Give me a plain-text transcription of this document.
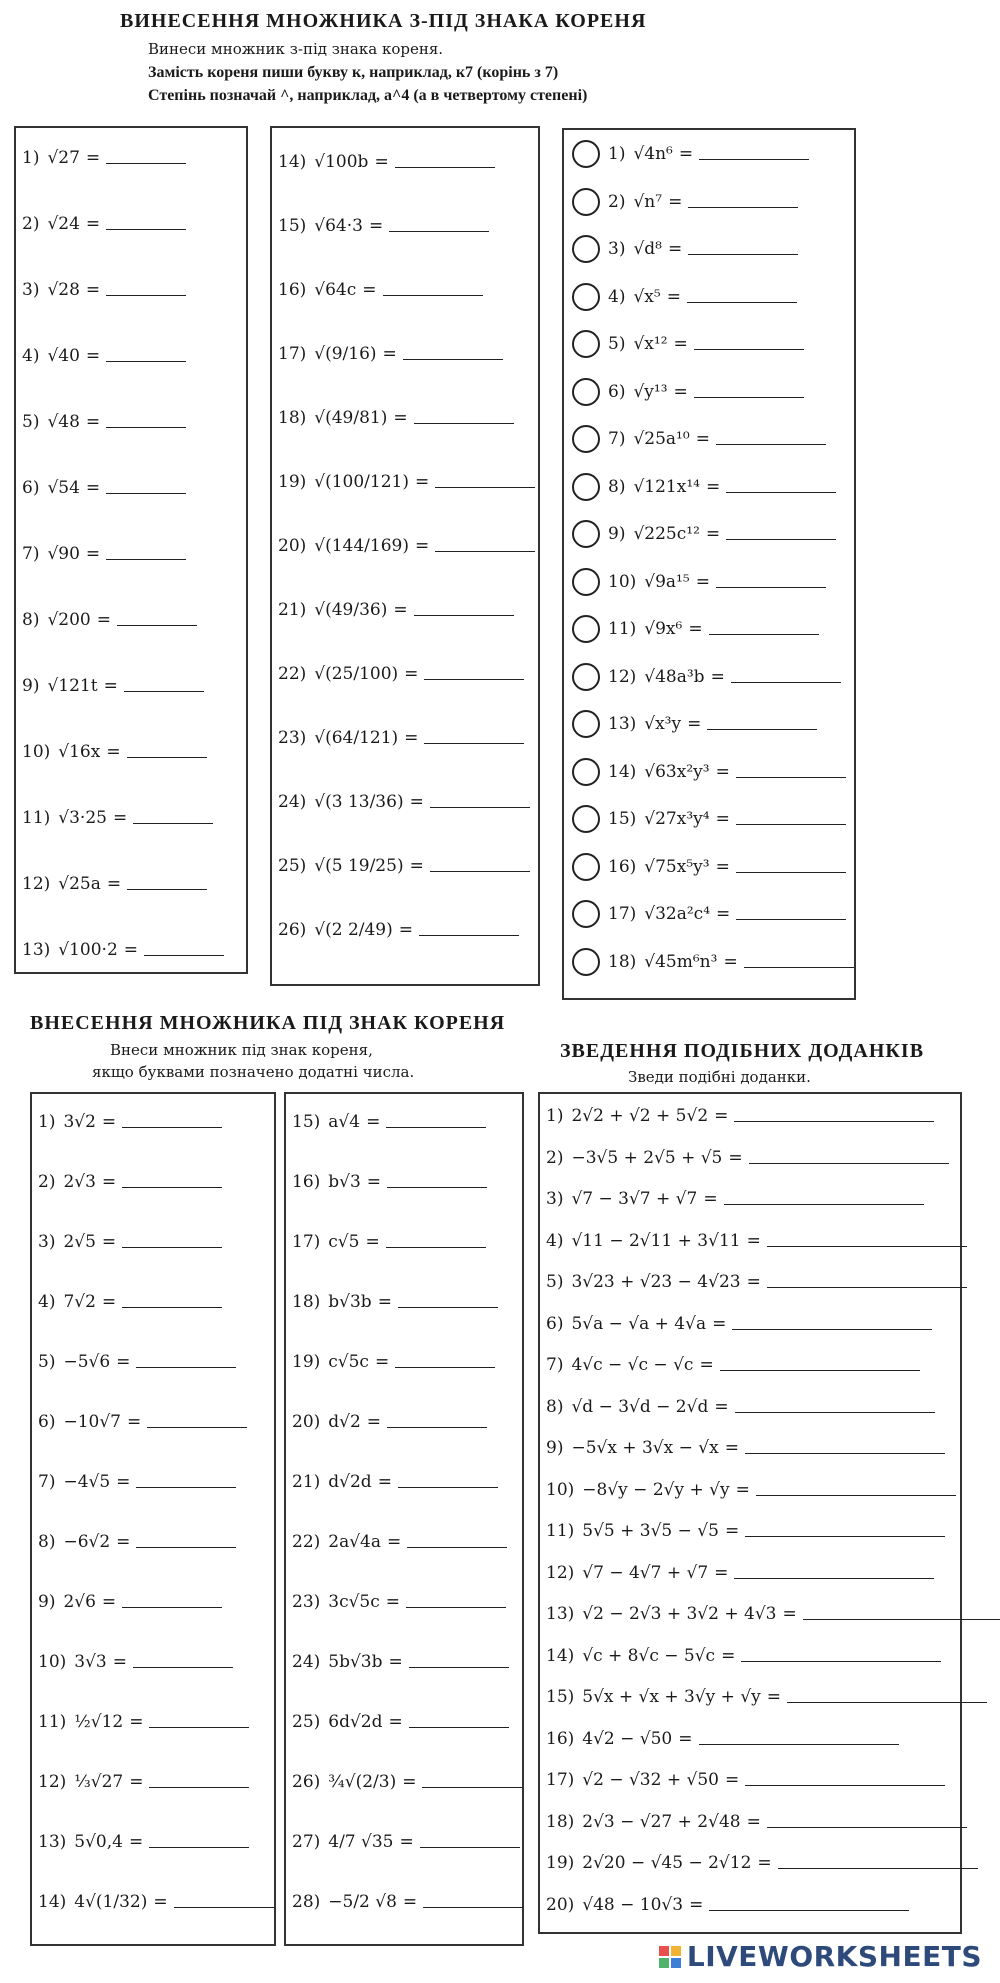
ВИНЕСЕННЯ МНОЖНИКА З-ПІД ЗНАКА КОРЕНЯ
Винеси множник з-під знака кореня.
Замість кореня пиши букву к, наприклад, к7 (корінь з 7)
Степінь позначай ^, наприклад, а^4 (а в четвертому степені)
1) √27 =
2) √24 =
3) √28 =
4) √40 =
5) √48 =
6) √54 =
7) √90 =
8) √200 =
9) √121t =
10) √16x =
11) √3·25 =
12) √25a =
13) √100·2 =
14) √100b =
15) √64·3 =
16) √64c =
17) √(9/16) =
18) √(49/81) =
19) √(100/121) =
20) √(144/169) =
21) √(49/36) =
22) √(25/100) =
23) √(64/121) =
24) √(3 13/36) =
25) √(5 19/25) =
26) √(2 2/49) =
1) √4n⁶ =
2) √n⁷ =
3) √d⁸ =
4) √x⁵ =
5) √x¹² =
6) √y¹³ =
7) √25a¹⁰ =
8) √121x¹⁴ =
9) √225c¹² =
10) √9a¹⁵ =
11) √9x⁶ =
12) √48a³b =
13) √x³y =
14) √63x²y³ =
15) √27x³y⁴ =
16) √75x⁵y³ =
17) √32a²c⁴ =
18) √45m⁶n³ =
ВНЕСЕННЯ МНОЖНИКА ПІД ЗНАК КОРЕНЯ
Внеси множник під знак кореня,
якщо буквами позначено додатні числа.
ЗВЕДЕННЯ ПОДІБНИХ ДОДАНКІВ
Зведи подібні доданки.
1) 3√2 =
2) 2√3 =
3) 2√5 =
4) 7√2 =
5) −5√6 =
6) −10√7 =
7) −4√5 =
8) −6√2 =
9) 2√6 =
10) 3√3 =
11) ½√12 =
12) ⅓√27 =
13) 5√0,4 =
14) 4√(1/32) =
15) a√4 =
16) b√3 =
17) c√5 =
18) b√3b =
19) c√5c =
20) d√2 =
21) d√2d =
22) 2a√4a =
23) 3c√5c =
24) 5b√3b =
25) 6d√2d =
26) ¾√(2/3) =
27) 4/7 √35 =
28) −5/2 √8 =
1) 2√2 + √2 + 5√2 =
2) −3√5 + 2√5 + √5 =
3) √7 − 3√7 + √7 =
4) √11 − 2√11 + 3√11 =
5) 3√23 + √23 − 4√23 =
6) 5√a − √a + 4√a =
7) 4√c − √c − √c =
8) √d − 3√d − 2√d =
9) −5√x + 3√x − √x =
10) −8√y − 2√y + √y =
11) 5√5 + 3√5 − √5 =
12) √7 − 4√7 + √7 =
13) √2 − 2√3 + 3√2 + 4√3 =
14) √c + 8√c − 5√c =
15) 5√x + √x + 3√y + √y =
16) 4√2 − √50 =
17) √2 − √32 + √50 =
18) 2√3 − √27 + 2√48 =
19) 2√20 − √45 − 2√12 =
20) √48 − 10√3 =
LIVEWORKSHEETS
